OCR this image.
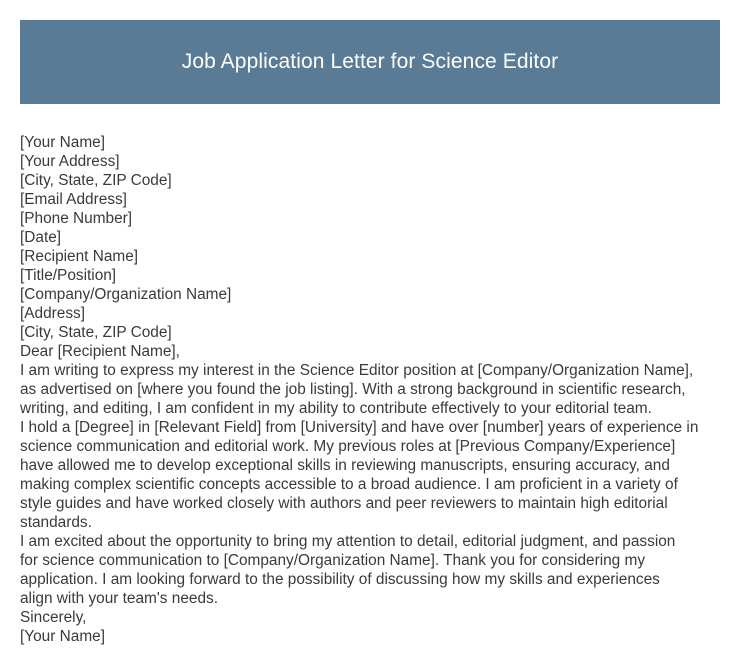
Job Application Letter for Science Editor
[Your Name]
[Your Address]
[City, State, ZIP Code]
[Email Address]
[Phone Number]
[Date]
[Recipient Name]
[Title/Position]
[Company/Organization Name]
[Address]
[City, State, ZIP Code]
Dear [Recipient Name],
I am writing to express my interest in the Science Editor position at [Company/Organization Name],
as advertised on [where you found the job listing]. With a strong background in scientific research,
writing, and editing, I am confident in my ability to contribute effectively to your editorial team.
I hold a [Degree] in [Relevant Field] from [University] and have over [number] years of experience in
science communication and editorial work. My previous roles at [Previous Company/Experience]
have allowed me to develop exceptional skills in reviewing manuscripts, ensuring accuracy, and
making complex scientific concepts accessible to a broad audience. I am proficient in a variety of
style guides and have worked closely with authors and peer reviewers to maintain high editorial
standards.
I am excited about the opportunity to bring my attention to detail, editorial judgment, and passion
for science communication to [Company/Organization Name]. Thank you for considering my
application. I am looking forward to the possibility of discussing how my skills and experiences
align with your team's needs.
Sincerely,
[Your Name]
